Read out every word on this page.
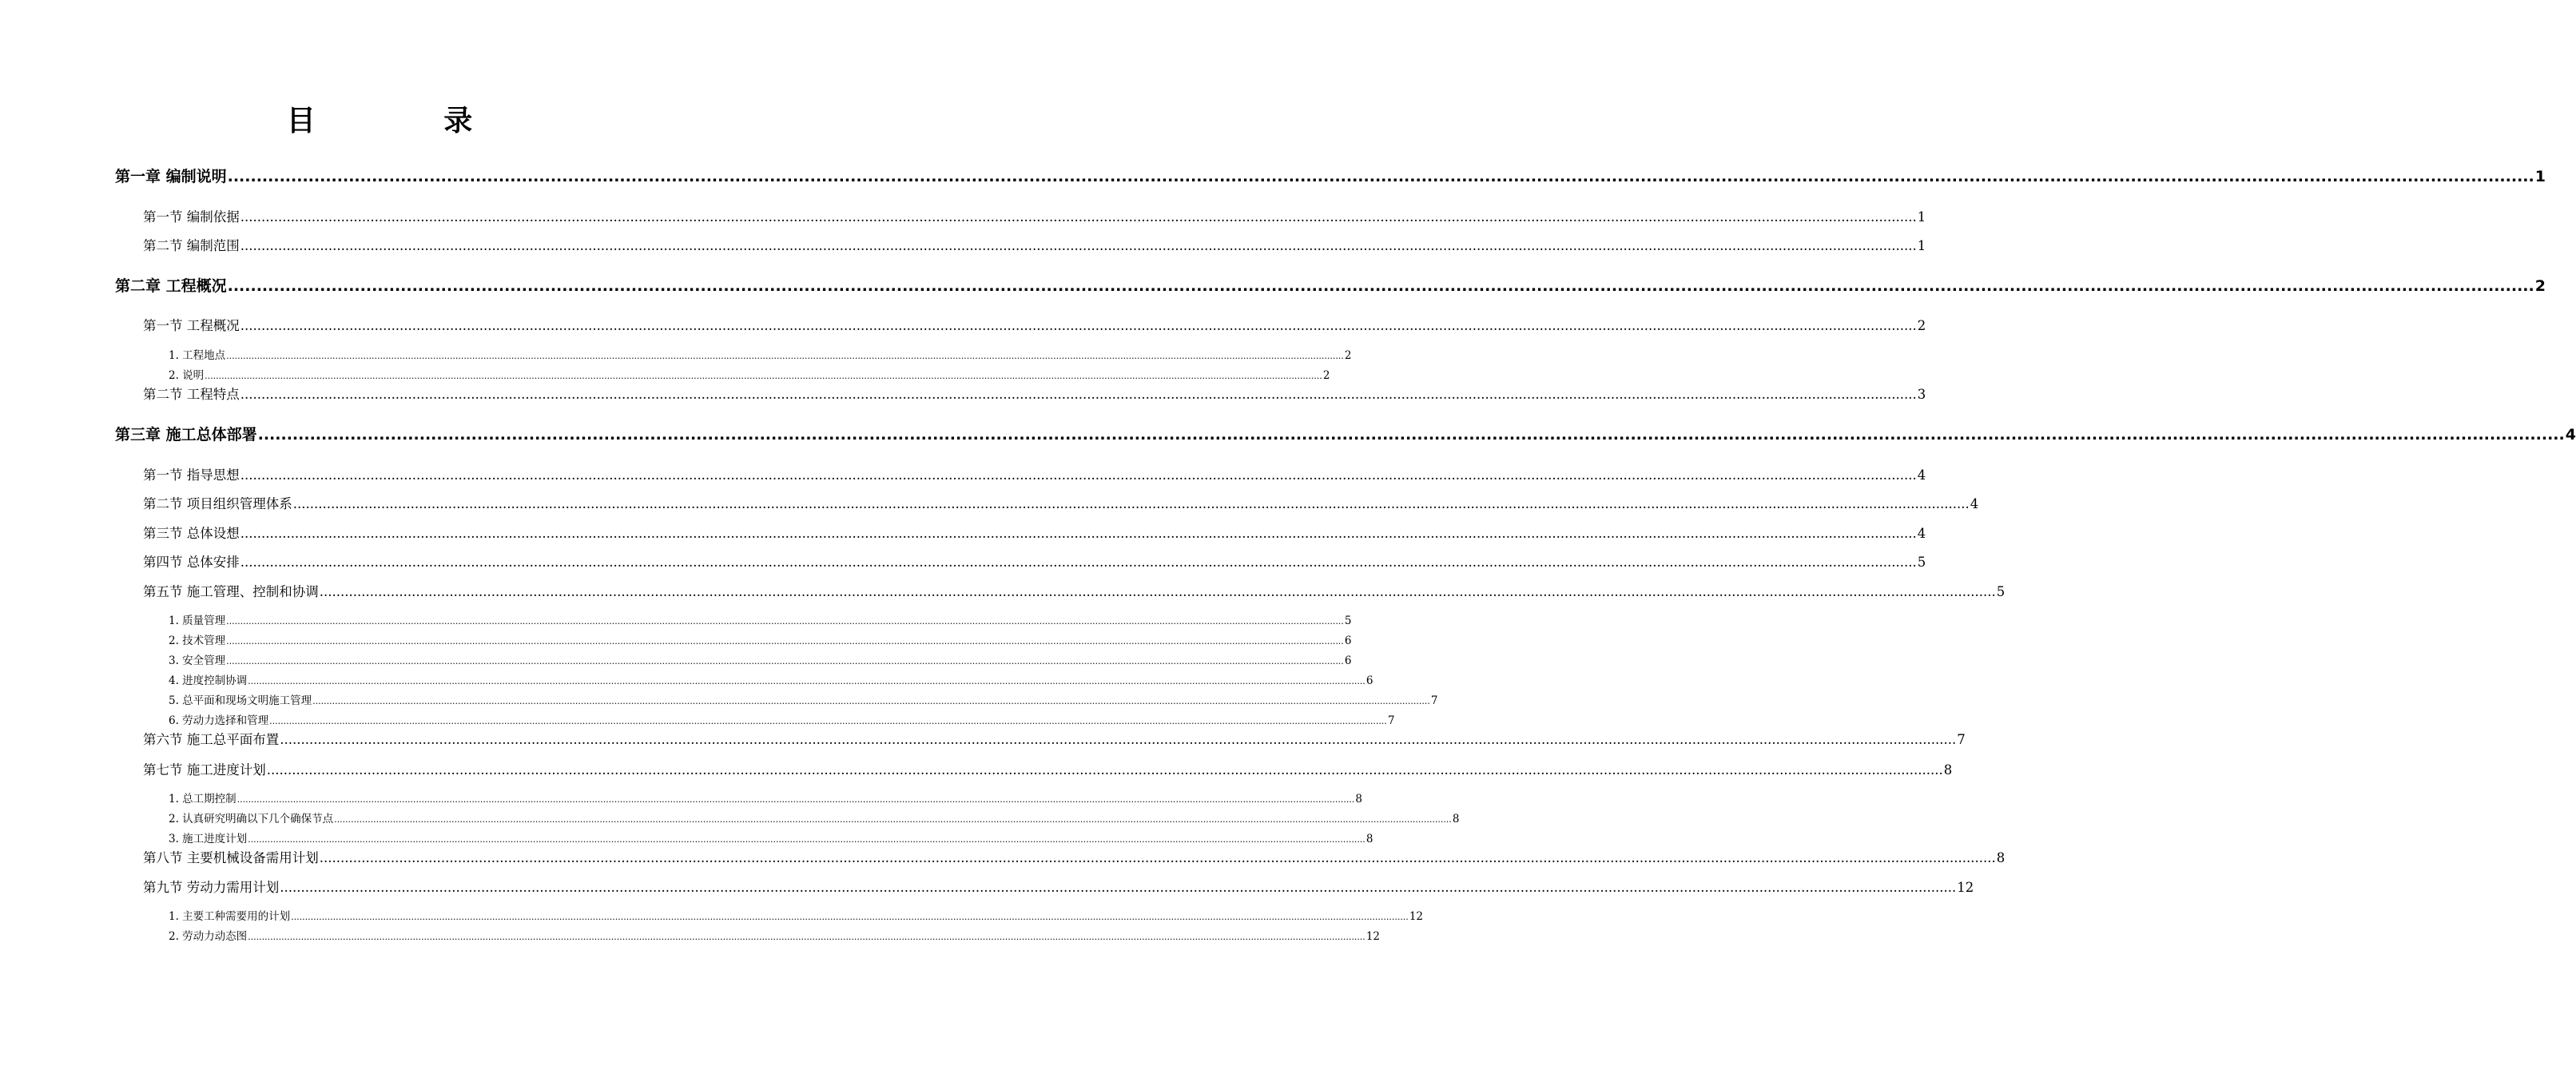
目 录
第一章 编制说明 ................................................................................................................................................................................................................................................................................................................................................................................................................ 1
第一节 编制依据 ................................................................................................................................................................................................................................................................................................................................................................................................................ 1
第二节 编制范围 ................................................................................................................................................................................................................................................................................................................................................................................................................ 1
第二章 工程概况 ................................................................................................................................................................................................................................................................................................................................................................................................................ 2
第一节 工程概况 ................................................................................................................................................................................................................................................................................................................................................................................................................ 2
1. 工程地点 ................................................................................................................................................................................................................................................................................................................................................................................................................ 2
2. 说明 ................................................................................................................................................................................................................................................................................................................................................................................................................ 2
第二节 工程特点 ................................................................................................................................................................................................................................................................................................................................................................................................................ 3
第三章 施工总体部署 ................................................................................................................................................................................................................................................................................................................................................................................................................ 4
第一节 指导思想 ................................................................................................................................................................................................................................................................................................................................................................................................................ 4
第二节 项目组织管理体系 ................................................................................................................................................................................................................................................................................................................................................................................................................ 4
第三节 总体设想 ................................................................................................................................................................................................................................................................................................................................................................................................................ 4
第四节 总体安排 ................................................................................................................................................................................................................................................................................................................................................................................................................ 5
第五节 施工管理、控制和协调 ................................................................................................................................................................................................................................................................................................................................................................................................................ 5
1. 质量管理 ................................................................................................................................................................................................................................................................................................................................................................................................................ 5
2. 技术管理 ................................................................................................................................................................................................................................................................................................................................................................................................................ 6
3. 安全管理 ................................................................................................................................................................................................................................................................................................................................................................................................................ 6
4. 进度控制协调 ................................................................................................................................................................................................................................................................................................................................................................................................................ 6
5. 总平面和现场文明施工管理 ................................................................................................................................................................................................................................................................................................................................................................................................................ 7
6. 劳动力选择和管理 ................................................................................................................................................................................................................................................................................................................................................................................................................ 7
第六节 施工总平面布置 ................................................................................................................................................................................................................................................................................................................................................................................................................ 7
第七节 施工进度计划 ................................................................................................................................................................................................................................................................................................................................................................................................................ 8
1. 总工期控制 ................................................................................................................................................................................................................................................................................................................................................................................................................ 8
2. 认真研究明确以下几个确保节点 ................................................................................................................................................................................................................................................................................................................................................................................................................ 8
3. 施工进度计划 ................................................................................................................................................................................................................................................................................................................................................................................................................ 8
第八节 主要机械设备需用计划 ................................................................................................................................................................................................................................................................................................................................................................................................................ 8
第九节 劳动力需用计划 ................................................................................................................................................................................................................................................................................................................................................................................................................ 12
1. 主要工种需要用的计划 ................................................................................................................................................................................................................................................................................................................................................................................................................ 12
2. 劳动力动态图 ................................................................................................................................................................................................................................................................................................................................................................................................................ 12
